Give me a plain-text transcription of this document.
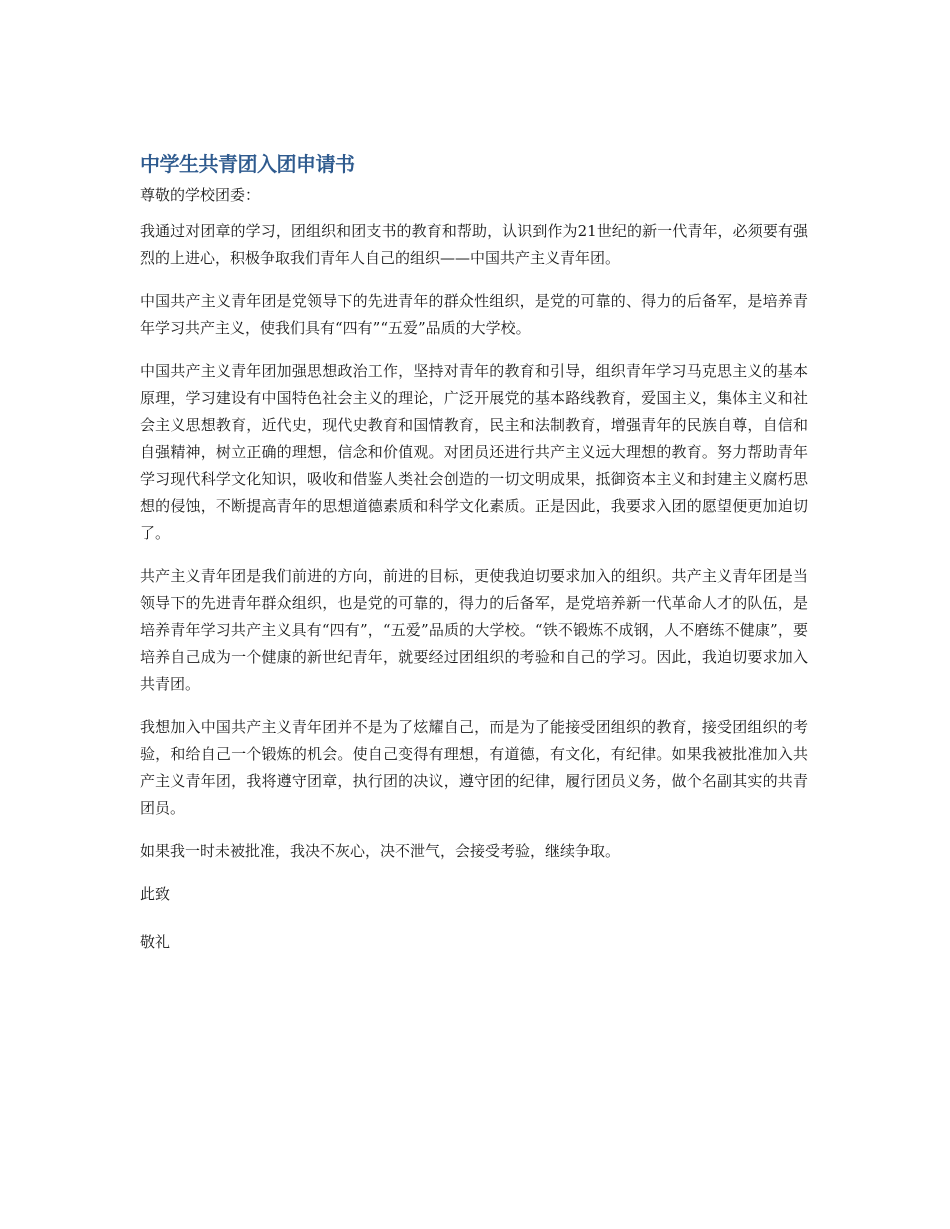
中学生共青团入团申请书

尊敬的学校团委：

我通过对团章的学习，团组织和团支书的教育和帮助，认识到作为21世纪的新一代青年，必须要有强烈的上进心，积极争取我们青年人自己的组织——中国共产主义青年团。

中国共产主义青年团是党领导下的先进青年的群众性组织，是党的可靠的、得力的后备军，是培养青年学习共产主义，使我们具有“四有”“五爱”品质的大学校。

中国共产主义青年团加强思想政治工作，坚持对青年的教育和引导，组织青年学习马克思主义的基本原理，学习建设有中国特色社会主义的理论，广泛开展党的基本路线教育，爱国主义，集体主义和社会主义思想教育，近代史，现代史教育和国情教育，民主和法制教育，增强青年的民族自尊，自信和自强精神，树立正确的理想，信念和价值观。对团员还进行共产主义远大理想的教育。努力帮助青年学习现代科学文化知识，吸收和借鉴人类社会创造的一切文明成果，抵御资本主义和封建主义腐朽思想的侵蚀，不断提高青年的思想道德素质和科学文化素质。正是因此，我要求入团的愿望便更加迫切了。

共产主义青年团是我们前进的方向，前进的目标，更使我迫切要求加入的组织。共产主义青年团是当领导下的先进青年群众组织，也是党的可靠的，得力的后备军，是党培养新一代革命人才的队伍，是培养青年学习共产主义具有“四有”，“五爱”品质的大学校。“铁不锻炼不成钢，人不磨练不健康”，要培养自己成为一个健康的新世纪青年，就要经过团组织的考验和自己的学习。因此，我迫切要求加入共青团。

我想加入中国共产主义青年团并不是为了炫耀自己，而是为了能接受团组织的教育，接受团组织的考验，和给自己一个锻炼的机会。使自己变得有理想，有道德，有文化，有纪律。如果我被批准加入共产主义青年团，我将遵守团章，执行团的决议，遵守团的纪律，履行团员义务，做个名副其实的共青团员。

如果我一时未被批准，我决不灰心，决不泄气，会接受考验，继续争取。

此致

敬礼
